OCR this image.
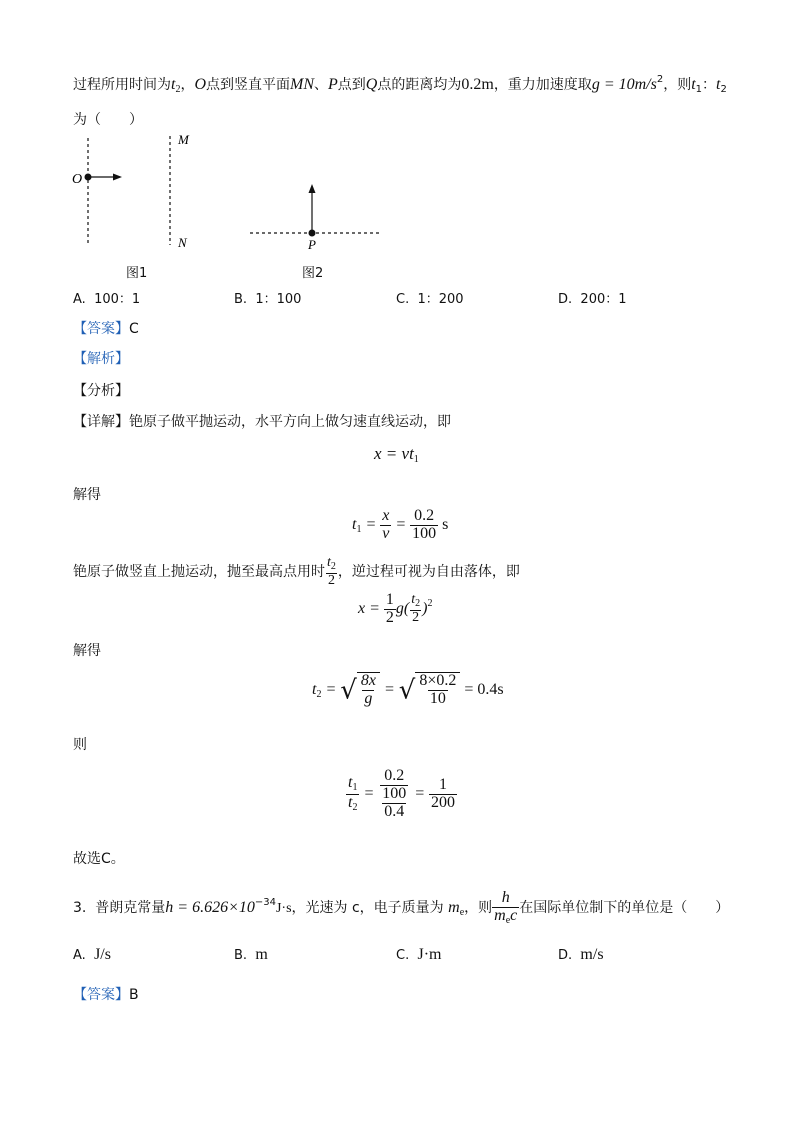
过程所用时间为$t_2$，O点到竖直平面MN、P点到Q点的距离均为0.2m，重力加速度取$g = 10m/s^2$，则$t_1$：$t_2$
为（　　）
O
M
N	P
图1	图2
A. 100：1	B. 1：100	C. 1：200	D. 200：1
【答案】C
【解析】
【分析】
【详解】铯原子做平抛运动，水平方向上做匀速直线运动，即
$x = vt_1$
解得
$t_1 = \frac{x}{v} = \frac{0.2}{100}$ s
铯原子做竖直上抛运动，抛至最高点用时 $\frac{t_2}{2}$ ，逆过程可视为自由落体，即
$x = \frac{1}{2} g( \frac{t_2}{2} )^2$
解得
$t_2$ = √ $\frac{8x}{g}$ = √ $\frac{8\times 0.2}{10} = 0.4s$
则
$\frac{t_1}{t_2} = \frac{\frac{0.2}{100}}{0.4} = \frac{1}{200}$
故选C。
3. 普朗克常量$h = 6.626\times 10^{-34}J\cdot s$，光速为 c，电子质量为 $m_e$，则 $\frac{h}{m_ec}$ 在国际单位制下的单位是（　　）
A. J/s	B. m	C. J·m	D. m/s
【答案】B
